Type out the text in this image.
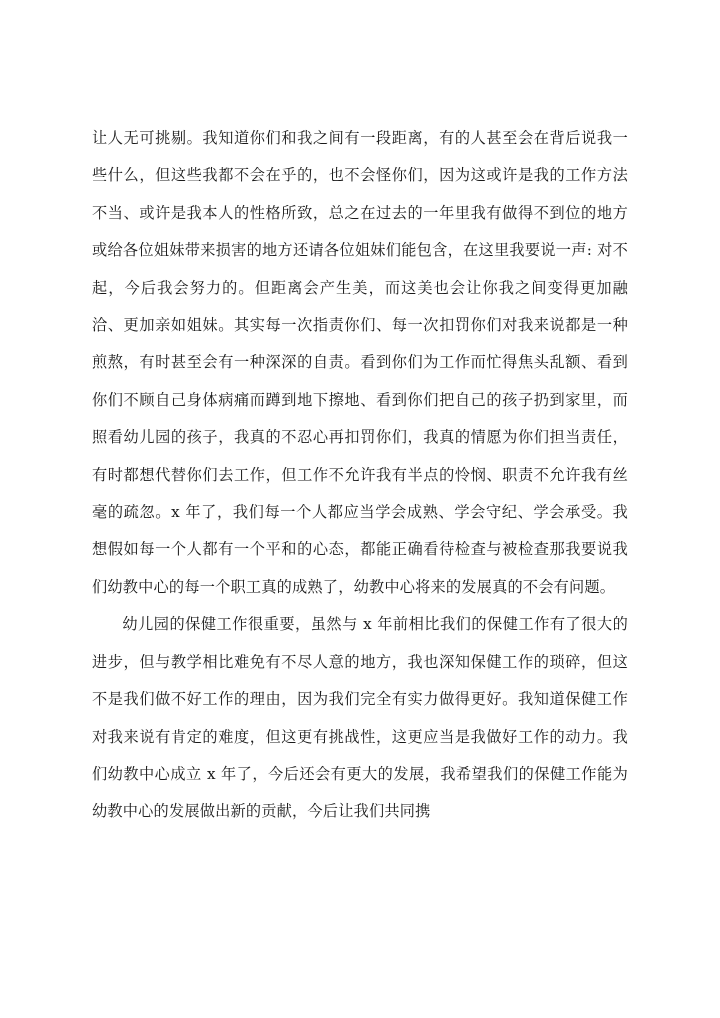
让人无可挑剔。我知道你们和我之间有一段距离，有的人甚至会在背后说我一些什么，但这些我都不会在乎的，也不会怪你们，因为这或许是我的工作方法不当、或许是我本人的性格所致，总之在过去的一年里我有做得不到位的地方或给各位姐妹带来损害的地方还请各位姐妹们能包含，在这里我要说一声: 对不起，今后我会努力的。但距离会产生美，而这美也会让你我之间变得更加融洽、更加亲如姐妹。其实每一次指责你们、每一次扣罚你们对我来说都是一种煎熬，有时甚至会有一种深深的自责。看到你们为工作而忙得焦头乱额、看到你们不顾自己身体病痛而蹲到地下擦地、看到你们把自己的孩子扔到家里，而照看幼儿园的孩子，我真的不忍心再扣罚你们，我真的情愿为你们担当责任，有时都想代替你们去工作，但工作不允许我有半点的怜悯、职责不允许我有丝毫的疏忽。x 年了，我们每一个人都应当学会成熟、学会守纪、学会承受。我想假如每一个人都有一个平和的心态，都能正确看待检查与被检查那我要说我们幼教中心的每一个职工真的成熟了，幼教中心将来的发展真的不会有问题。

幼儿园的保健工作很重要，虽然与 x 年前相比我们的保健工作有了很大的进步，但与教学相比难免有不尽人意的地方，我也深知保健工作的琐碎，但这不是我们做不好工作的理由，因为我们完全有实力做得更好。我知道保健工作对我来说有肯定的难度，但这更有挑战性，这更应当是我做好工作的动力。我们幼教中心成立 x 年了，今后还会有更大的发展，我希望我们的保健工作能为幼教中心的发展做出新的贡献，今后让我们共同携
